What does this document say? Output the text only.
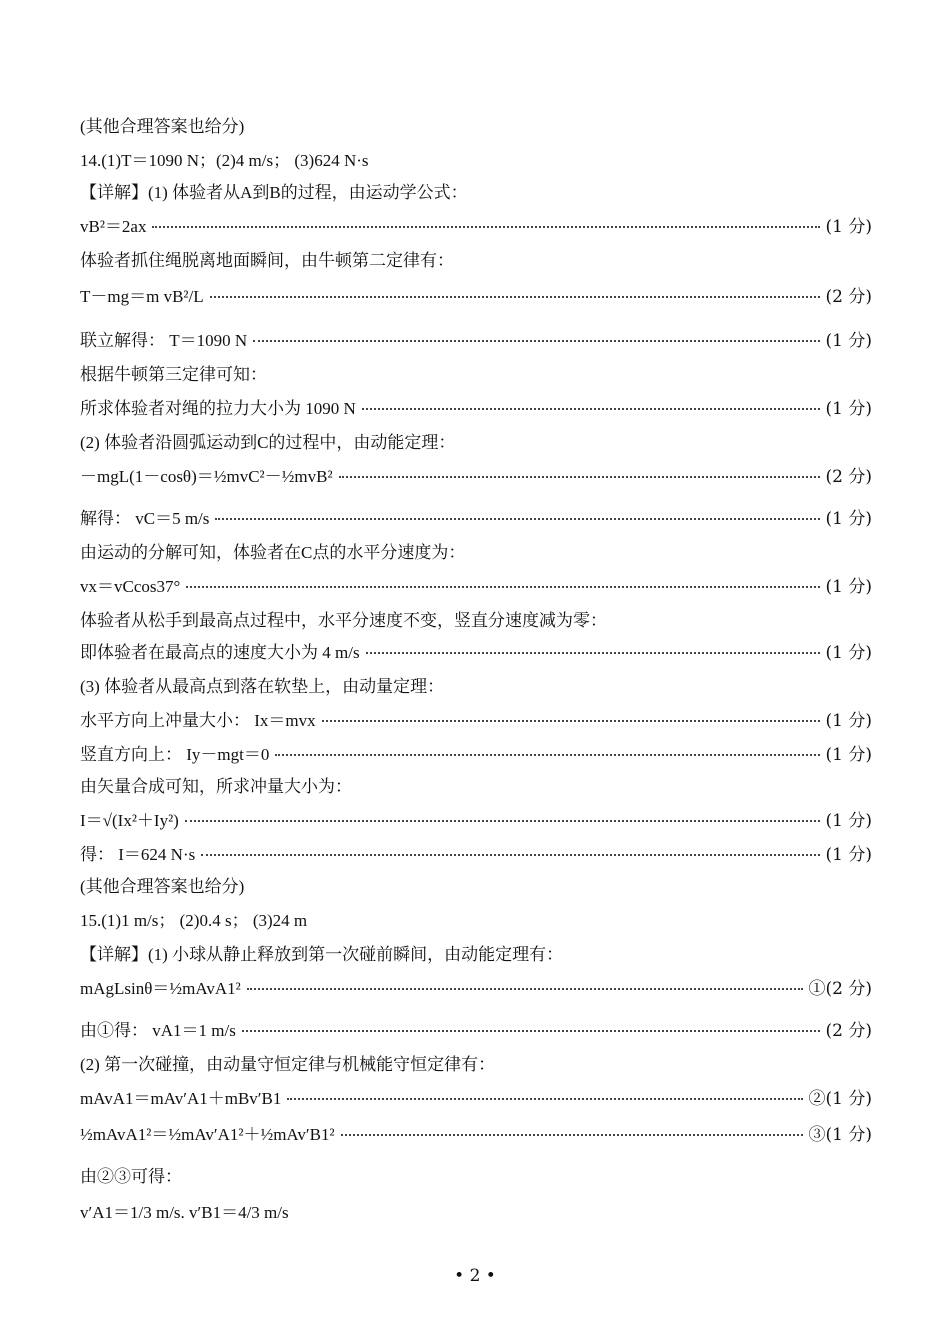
(其他合理答案也给分)
14.(1)T＝1090 N；(2)4 m/s； (3)624 N·s
【详解】(1) 体验者从A到B的过程，由运动学公式：
vB²＝2ax	(1 分)
体验者抓住绳脱离地面瞬间，由牛顿第二定律有：
T－mg＝m vB²/L	(2 分)
联立解得： T＝1090 N	(1 分)
根据牛顿第三定律可知：
所求体验者对绳的拉力大小为 1090 N	(1 分)
(2) 体验者沿圆弧运动到C的过程中，由动能定理：
－mgL(1－cosθ)＝½mvC²－½mvB²	(2 分)
解得： vC＝5 m/s	(1 分)
由运动的分解可知，体验者在C点的水平分速度为：
vx＝vCcos37°	(1 分)
体验者从松手到最高点过程中，水平分速度不变，竖直分速度减为零：
即体验者在最高点的速度大小为 4 m/s	(1 分)
(3) 体验者从最高点到落在软垫上，由动量定理：
水平方向上冲量大小： Ix＝mvx	(1 分)
竖直方向上： Iy－mgt＝0	(1 分)
由矢量合成可知，所求冲量大小为：
I＝√(Ix²＋Iy²)	(1 分)
得： I＝624 N·s	(1 分)
(其他合理答案也给分)
15.(1)1 m/s； (2)0.4 s； (3)24 m
【详解】(1) 小球从静止释放到第一次碰前瞬间，由动能定理有：
mAgLsinθ＝½mAvA1²	①(2 分)
由①得： vA1＝1 m/s	(2 分)
(2) 第一次碰撞，由动量守恒定律与机械能守恒定律有：
mAvA1＝mAv′A1＋mBv′B1	②(1 分)
½mAvA1²＝½mAv′A1²＋½mAv′B1²	③(1 分)
由②③可得：
v′A1＝1/3 m/s. v′B1＝4/3 m/s
• 2 •
